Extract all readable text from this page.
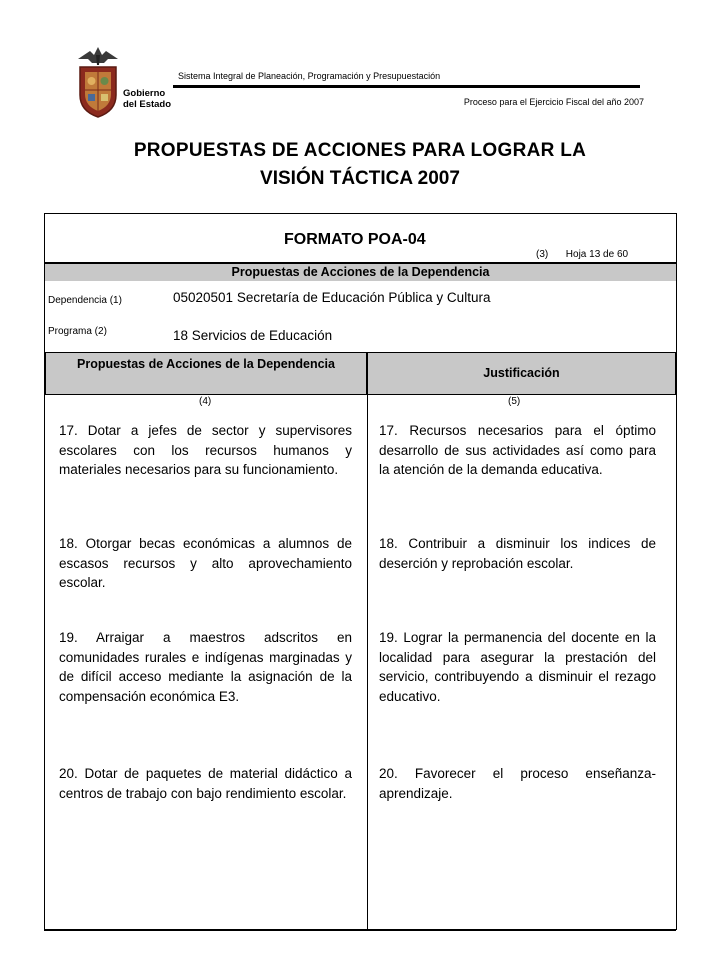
Gobierno
del Estado
Sistema Integral de Planeación, Programación y Presupuestación
Proceso para el Ejercicio Fiscal del año 2007
PROPUESTAS DE ACCIONES PARA LOGRAR LA
VISIÓN TÁCTICA 2007
FORMATO POA-04
(3) Hoja 13 de 60
Propuestas de Acciones de la Dependencia
Dependencia (1)	05020501 Secretaría de Educación Pública y Cultura
Programa (2)	18 Servicios de Educación
Propuestas de Acciones de la Dependencia
Justificación
(4)	(5)
17. Dotar a jefes de sector y supervisores escolares con los recursos humanos y materiales necesarios para su funcionamiento.
17. Recursos necesarios para el óptimo desarrollo de sus actividades así como para la atención de la demanda educativa.
18. Otorgar becas económicas a alumnos de escasos recursos y alto aprovechamiento escolar.
18. Contribuir a disminuir los indices de deserción y reprobación escolar.
19. Arraigar a maestros adscritos en comunidades rurales e indígenas marginadas y de difícil acceso mediante la asignación de la compensación económica E3.
19. Lograr la permanencia del docente en la localidad para asegurar la prestación del servicio, contribuyendo a disminuir el rezago educativo.
20. Dotar de paquetes de material didáctico a centros de trabajo con bajo rendimiento escolar.
20. Favorecer el proceso enseñanza-aprendizaje.
